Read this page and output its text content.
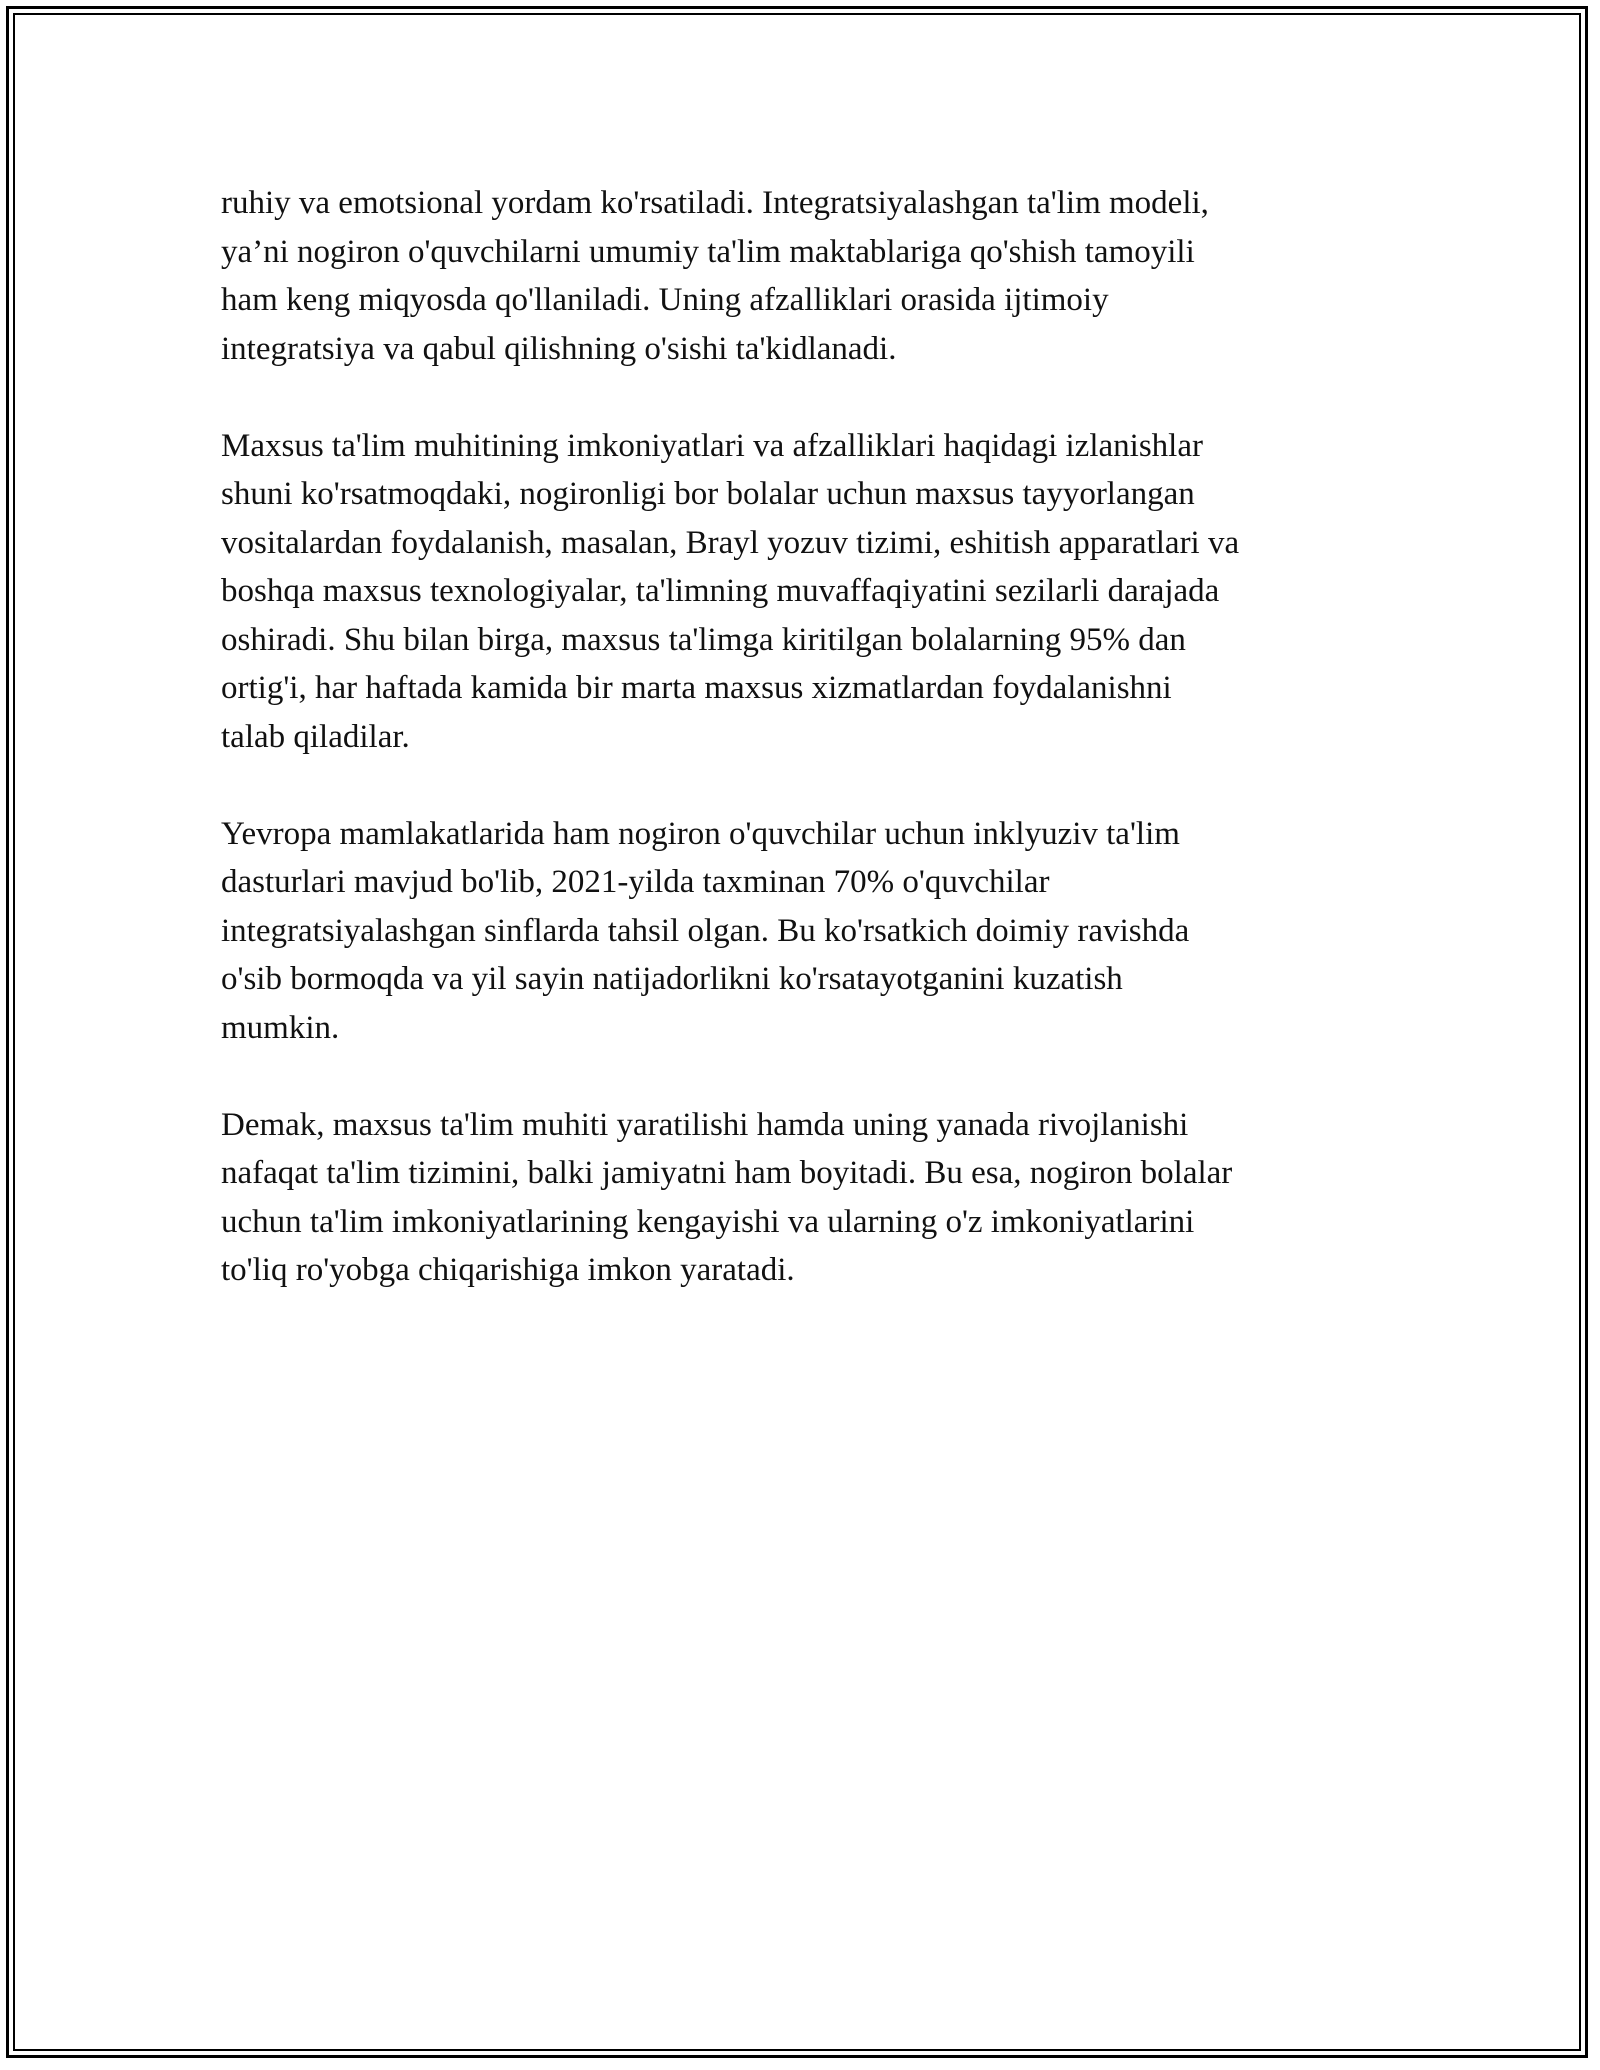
ruhiy va emotsional yordam ko'rsatiladi. Integratsiyalashgan ta'lim modeli,
ya’ni nogiron o'quvchilarni umumiy ta'lim maktablariga qo'shish tamoyili
ham keng miqyosda qo'llaniladi. Uning afzalliklari orasida ijtimoiy
integratsiya va qabul qilishning o'sishi ta'kidlanadi.

Maxsus ta'lim muhitining imkoniyatlari va afzalliklari haqidagi izlanishlar
shuni ko'rsatmoqdaki, nogironligi bor bolalar uchun maxsus tayyorlangan
vositalardan foydalanish, masalan, Brayl yozuv tizimi, eshitish apparatlari va
boshqa maxsus texnologiyalar, ta'limning muvaffaqiyatini sezilarli darajada
oshiradi. Shu bilan birga, maxsus ta'limga kiritilgan bolalarning 95% dan
ortig'i, har haftada kamida bir marta maxsus xizmatlardan foydalanishni
talab qiladilar.

Yevropa mamlakatlarida ham nogiron o'quvchilar uchun inklyuziv ta'lim
dasturlari mavjud bo'lib, 2021-yilda taxminan 70% o'quvchilar
integratsiyalashgan sinflarda tahsil olgan. Bu ko'rsatkich doimiy ravishda
o'sib bormoqda va yil sayin natijadorlikni ko'rsatayotganini kuzatish
mumkin.

Demak, maxsus ta'lim muhiti yaratilishi hamda uning yanada rivojlanishi
nafaqat ta'lim tizimini, balki jamiyatni ham boyitadi. Bu esa, nogiron bolalar
uchun ta'lim imkoniyatlarining kengayishi va ularning o'z imkoniyatlarini
to'liq ro'yobga chiqarishiga imkon yaratadi.
